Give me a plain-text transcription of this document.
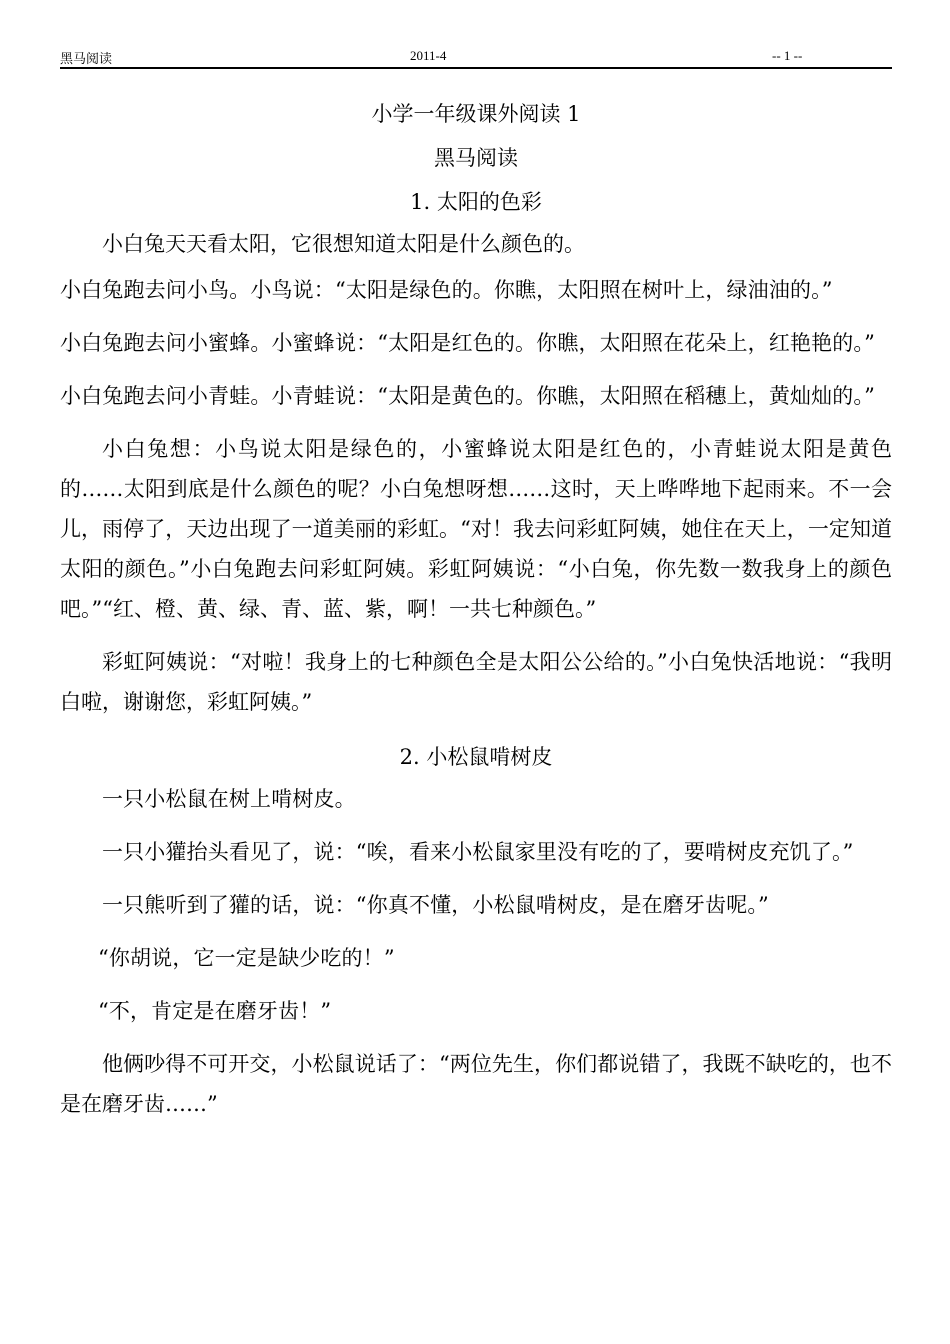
黑马阅读	2011-4	-- 1 --

小学一年级课外阅读 1

黑马阅读

1. 太阳的色彩

小白兔天天看太阳，它很想知道太阳是什么颜色的。

小白兔跑去问小鸟。小鸟说：“太阳是绿色的。你瞧，太阳照在树叶上，绿油油的。”

小白兔跑去问小蜜蜂。小蜜蜂说：“太阳是红色的。你瞧，太阳照在花朵上，红艳艳的。”

小白兔跑去问小青蛙。小青蛙说：“太阳是黄色的。你瞧，太阳照在稻穗上，黄灿灿的。”

小白兔想：小鸟说太阳是绿色的，小蜜蜂说太阳是红色的，小青蛙说太阳是黄色的……太阳到底是什么颜色的呢？小白兔想呀想……这时，天上哗哗地下起雨来。不一会儿，雨停了，天边出现了一道美丽的彩虹。“对！我去问彩虹阿姨，她住在天上，一定知道太阳的颜色。”小白兔跑去问彩虹阿姨。彩虹阿姨说：“小白兔，你先数一数我身上的颜色吧。”“红、橙、黄、绿、青、蓝、紫，啊！一共七种颜色。”

彩虹阿姨说：“对啦！我身上的七种颜色全是太阳公公给的。”小白兔快活地说：“我明白啦，谢谢您，彩虹阿姨。”

2. 小松鼠啃树皮

一只小松鼠在树上啃树皮。

一只小獾抬头看见了，说：“唉，看来小松鼠家里没有吃的了，要啃树皮充饥了。”

一只熊听到了獾的话，说：“你真不懂，小松鼠啃树皮，是在磨牙齿呢。”

“你胡说，它一定是缺少吃的！”

“不，肯定是在磨牙齿！”

他俩吵得不可开交，小松鼠说话了：“两位先生，你们都说错了，我既不缺吃的，也不是在磨牙齿……”
